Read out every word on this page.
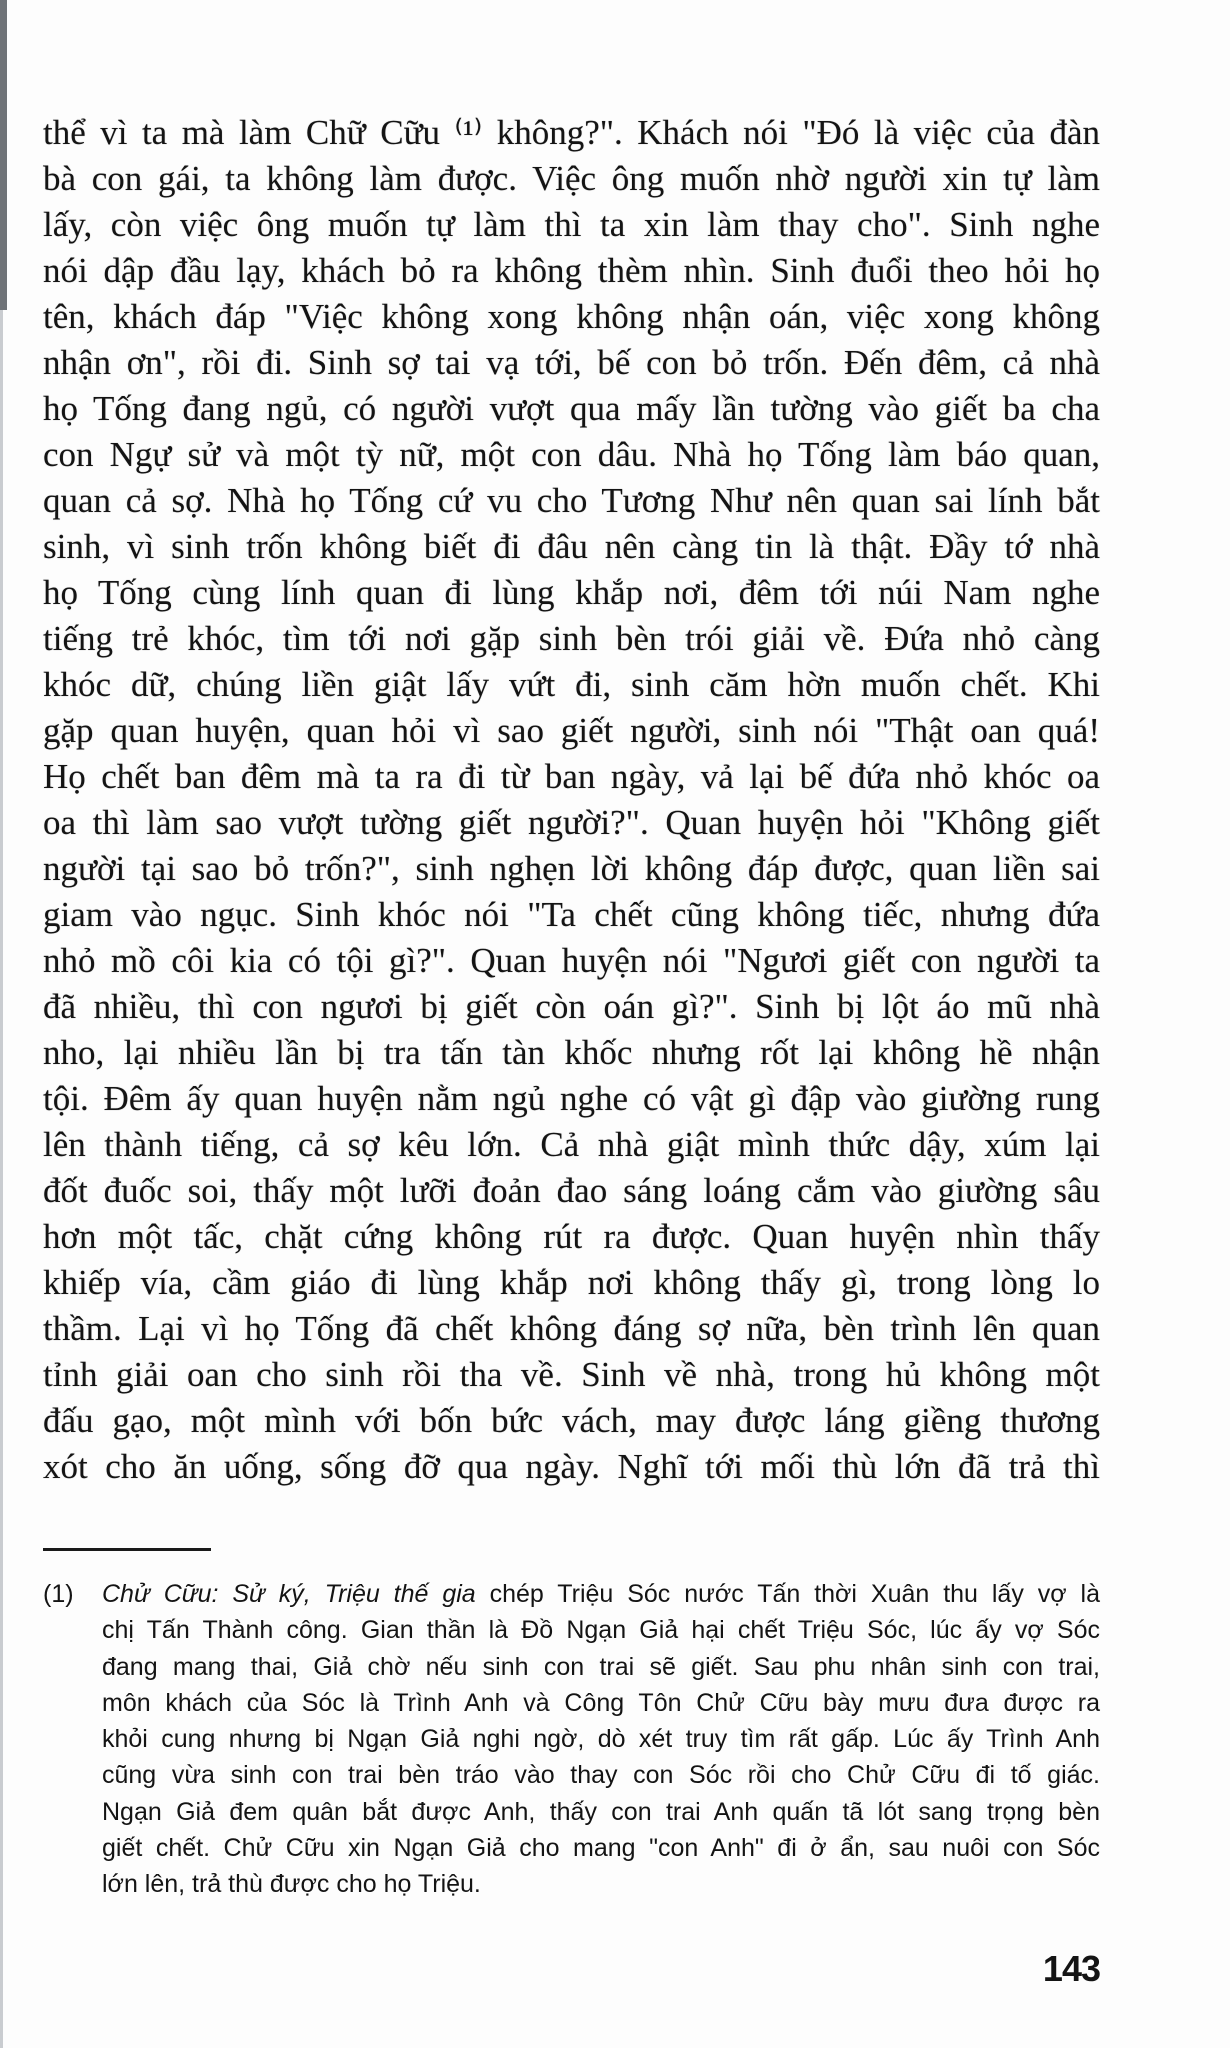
thể vì ta mà làm Chữ Cữu ⁽¹⁾ không?". Khách nói "Đó là việc của đàn
bà con gái, ta không làm được. Việc ông muốn nhờ người xin tự làm
lấy, còn việc ông muốn tự làm thì ta xin làm thay cho". Sinh nghe
nói dập đầu lạy, khách bỏ ra không thèm nhìn. Sinh đuổi theo hỏi họ
tên, khách đáp "Việc không xong không nhận oán, việc xong không
nhận ơn", rồi đi. Sinh sợ tai vạ tới, bế con bỏ trốn. Đến đêm, cả nhà
họ Tống đang ngủ, có người vượt qua mấy lần tường vào giết ba cha
con Ngự sử và một tỳ nữ, một con dâu. Nhà họ Tống làm báo quan,
quan cả sợ. Nhà họ Tống cứ vu cho Tương Như nên quan sai lính bắt
sinh, vì sinh trốn không biết đi đâu nên càng tin là thật. Đầy tớ nhà
họ Tống cùng lính quan đi lùng khắp nơi, đêm tới núi Nam nghe
tiếng trẻ khóc, tìm tới nơi gặp sinh bèn trói giải về. Đứa nhỏ càng
khóc dữ, chúng liền giật lấy vứt đi, sinh căm hờn muốn chết. Khi
gặp quan huyện, quan hỏi vì sao giết người, sinh nói "Thật oan quá!
Họ chết ban đêm mà ta ra đi từ ban ngày, vả lại bế đứa nhỏ khóc oa
oa thì làm sao vượt tường giết người?". Quan huyện hỏi "Không giết
người tại sao bỏ trốn?", sinh nghẹn lời không đáp được, quan liền sai
giam vào ngục. Sinh khóc nói "Ta chết cũng không tiếc, nhưng đứa
nhỏ mồ côi kia có tội gì?". Quan huyện nói "Ngươi giết con người ta
đã nhiều, thì con ngươi bị giết còn oán gì?". Sinh bị lột áo mũ nhà
nho, lại nhiều lần bị tra tấn tàn khốc nhưng rốt lại không hề nhận
tội. Đêm ấy quan huyện nằm ngủ nghe có vật gì đập vào giường rung
lên thành tiếng, cả sợ kêu lớn. Cả nhà giật mình thức dậy, xúm lại
đốt đuốc soi, thấy một lưỡi đoản đao sáng loáng cắm vào giường sâu
hơn một tấc, chặt cứng không rút ra được. Quan huyện nhìn thấy
khiếp vía, cầm giáo đi lùng khắp nơi không thấy gì, trong lòng lo
thầm. Lại vì họ Tống đã chết không đáng sợ nữa, bèn trình lên quan
tỉnh giải oan cho sinh rồi tha về. Sinh về nhà, trong hủ không một
đấu gạo, một mình với bốn bức vách, may được láng giềng thương
xót cho ăn uống, sống đỡ qua ngày. Nghĩ tới mối thù lớn đã trả thì
(1) Chử Cữu: Sử ký, Triệu thế gia chép Triệu Sóc nước Tấn thời Xuân thu lấy vợ là
chị Tấn Thành công. Gian thần là Đồ Ngạn Giả hại chết Triệu Sóc, lúc ấy vợ Sóc
đang mang thai, Giả chờ nếu sinh con trai sẽ giết. Sau phu nhân sinh con trai,
môn khách của Sóc là Trình Anh và Công Tôn Chử Cữu bày mưu đưa được ra
khỏi cung nhưng bị Ngạn Giả nghi ngờ, dò xét truy tìm rất gấp. Lúc ấy Trình Anh
cũng vừa sinh con trai bèn tráo vào thay con Sóc rồi cho Chử Cữu đi tố giác.
Ngạn Giả đem quân bắt được Anh, thấy con trai Anh quấn tã lót sang trọng bèn
giết chết. Chử Cữu xin Ngạn Giả cho mang "con Anh" đi ở ẩn, sau nuôi con Sóc
lớn lên, trả thù được cho họ Triệu.
143
